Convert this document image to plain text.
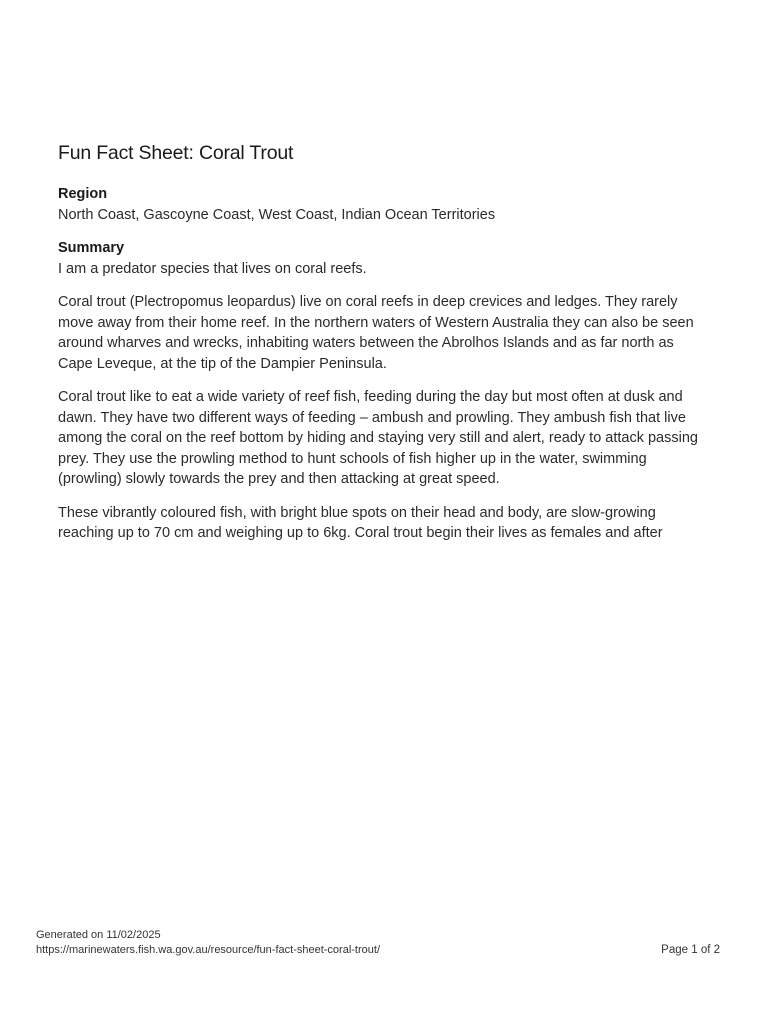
Fun Fact Sheet: Coral Trout
Region

North Coast, Gascoyne Coast, West Coast, Indian Ocean Territories

Summary

I am a predator species that lives on coral reefs.

Coral trout (Plectropomus leopardus) live on coral reefs in deep crevices and ledges. They rarely move away from their home reef. In the northern waters of Western Australia they can also be seen around wharves and wrecks, inhabiting waters between the Abrolhos Islands and as far north as Cape Leveque, at the tip of the Dampier Peninsula.

Coral trout like to eat a wide variety of reef fish, feeding during the day but most often at dusk and dawn. They have two different ways of feeding – ambush and prowling. They ambush fish that live among the coral on the reef bottom by hiding and staying very still and alert, ready to attack passing prey. They use the prowling method to hunt schools of fish higher up in the water, swimming (prowling) slowly towards the prey and then attacking at great speed.

These vibrantly coloured fish, with bright blue spots on their head and body, are slow-growing reaching up to 70 cm and weighing up to 6kg. Coral trout begin their lives as females and after

Generated on 11/02/2025
https://marinewaters.fish.wa.gov.au/resource/fun-fact-sheet-coral-trout/	Page 1 of 2
